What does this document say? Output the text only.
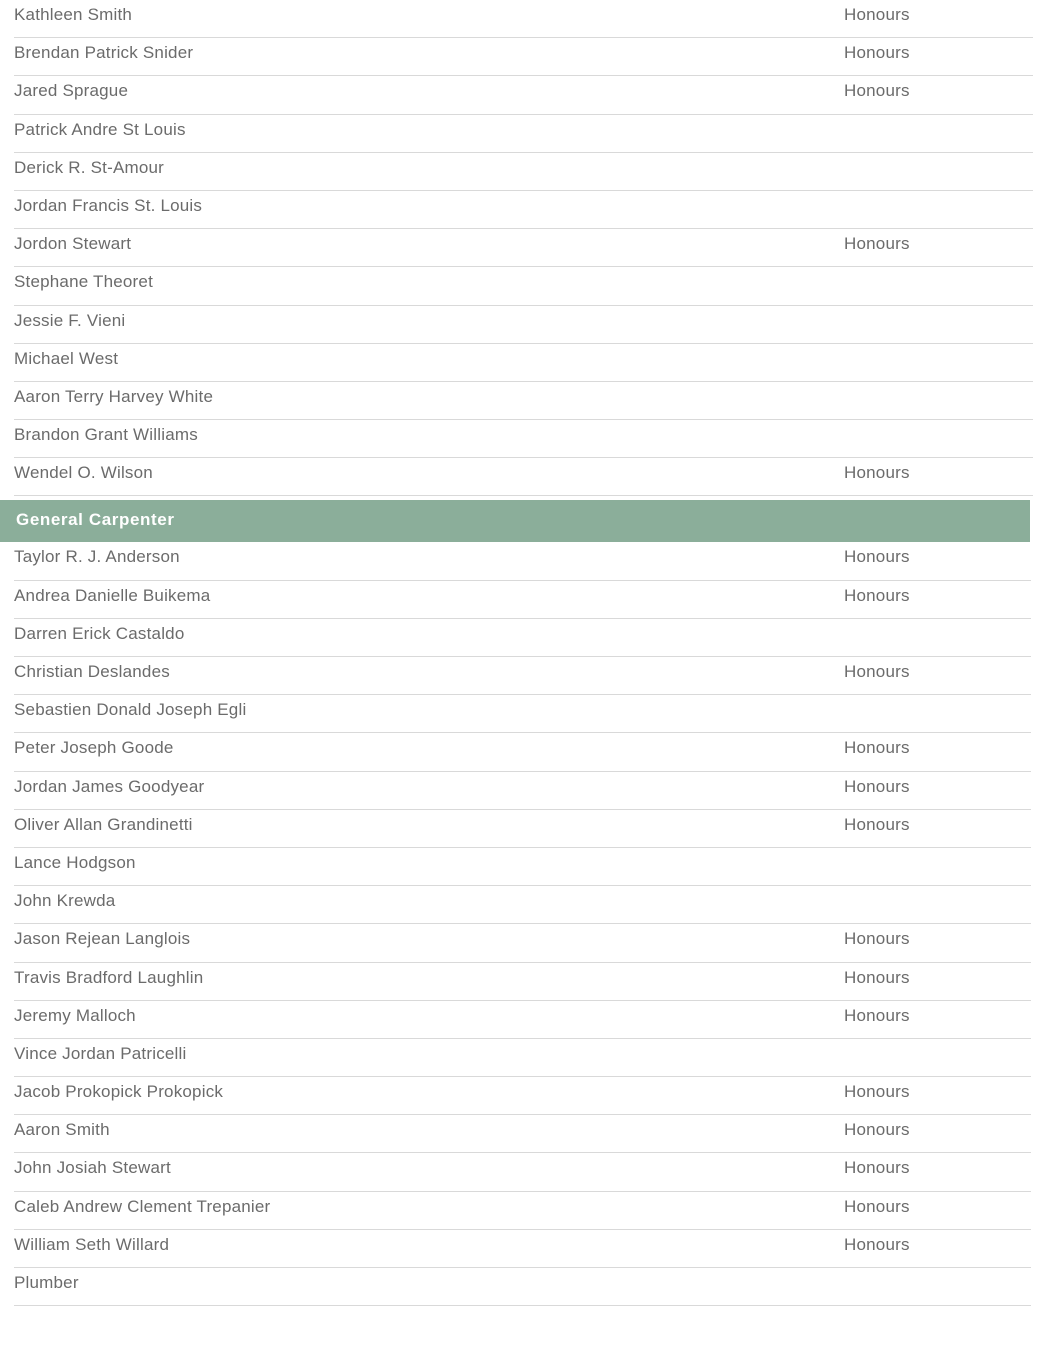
Kathleen Smith	Honours
Brendan Patrick Snider	Honours
Jared Sprague	Honours
Patrick Andre St Louis
Derick R. St-Amour
Jordan Francis St. Louis
Jordon Stewart	Honours
Stephane Theoret
Jessie F. Vieni
Michael West
Aaron Terry Harvey White
Brandon Grant Williams
Wendel O. Wilson	Honours
General Carpenter
Taylor R. J. Anderson	Honours
Andrea Danielle Buikema	Honours
Darren Erick Castaldo
Christian Deslandes	Honours
Sebastien Donald Joseph Egli
Peter Joseph Goode	Honours
Jordan James Goodyear	Honours
Oliver Allan Grandinetti	Honours
Lance Hodgson
John Krewda
Jason Rejean Langlois	Honours
Travis Bradford Laughlin	Honours
Jeremy Malloch	Honours
Vince Jordan Patricelli
Jacob Prokopick Prokopick	Honours
Aaron Smith	Honours
John Josiah Stewart	Honours
Caleb Andrew Clement Trepanier	Honours
William Seth Willard	Honours
Plumber
